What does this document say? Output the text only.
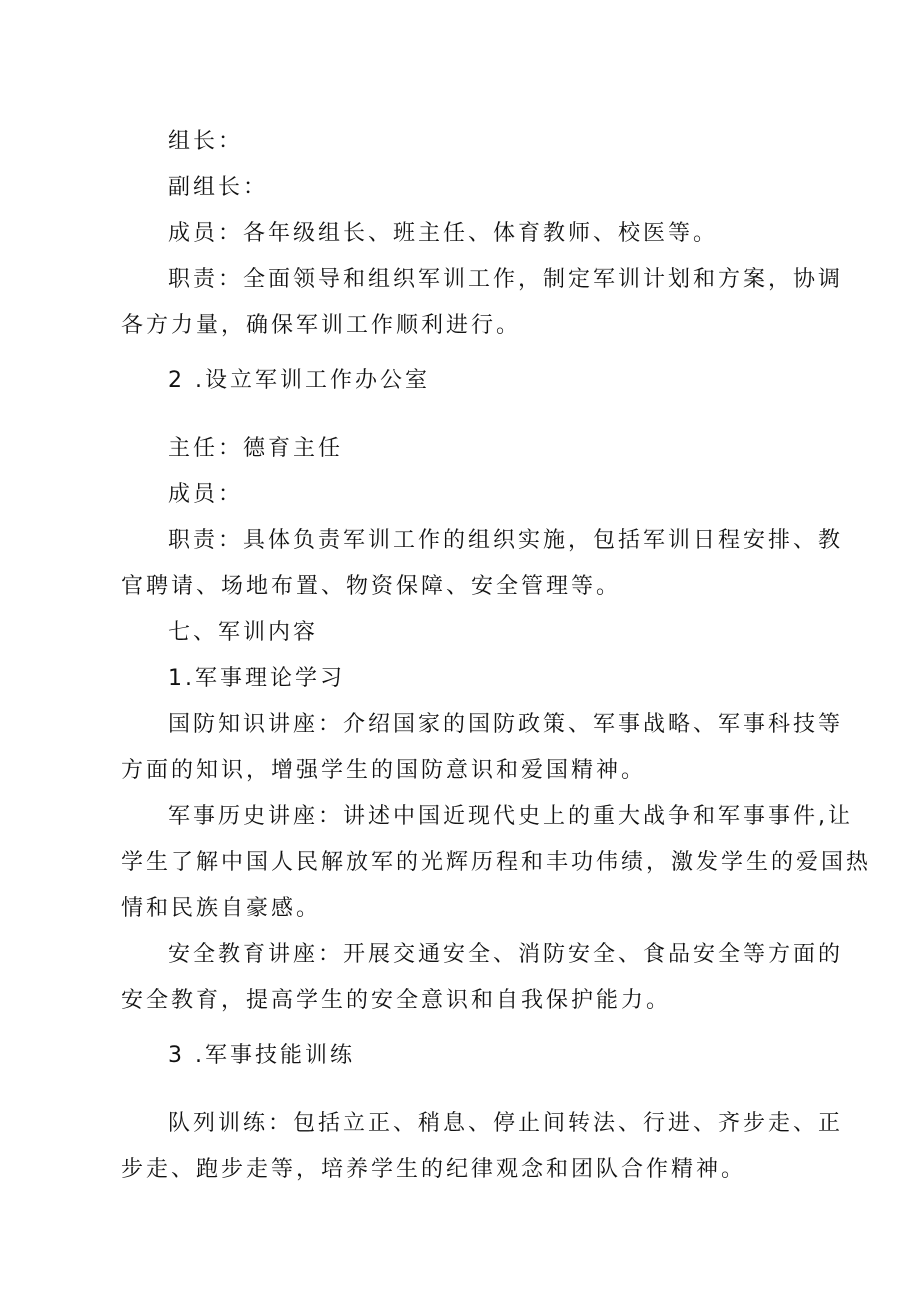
组长：
副组长：
成员：各年级组长、班主任、体育教师、校医等。
职责：全面领导和组织军训工作，制定军训计划和方案，协调
各方力量，确保军训工作顺利进行。
2 .设立军训工作办公室
主任：德育主任
成员：
职责：具体负责军训工作的组织实施，包括军训日程安排、教
官聘请、场地布置、物资保障、安全管理等。
七、军训内容
1.军事理论学习
国防知识讲座：介绍国家的国防政策、军事战略、军事科技等
方面的知识，增强学生的国防意识和爱国精神。
军事历史讲座：讲述中国近现代史上的重大战争和军事事件,让
学生了解中国人民解放军的光辉历程和丰功伟绩，激发学生的爱国热
情和民族自豪感。
安全教育讲座：开展交通安全、消防安全、食品安全等方面的
安全教育，提高学生的安全意识和自我保护能力。
3 .军事技能训练
队列训练：包括立正、稍息、停止间转法、行进、齐步走、正
步走、跑步走等，培养学生的纪律观念和团队合作精神。
